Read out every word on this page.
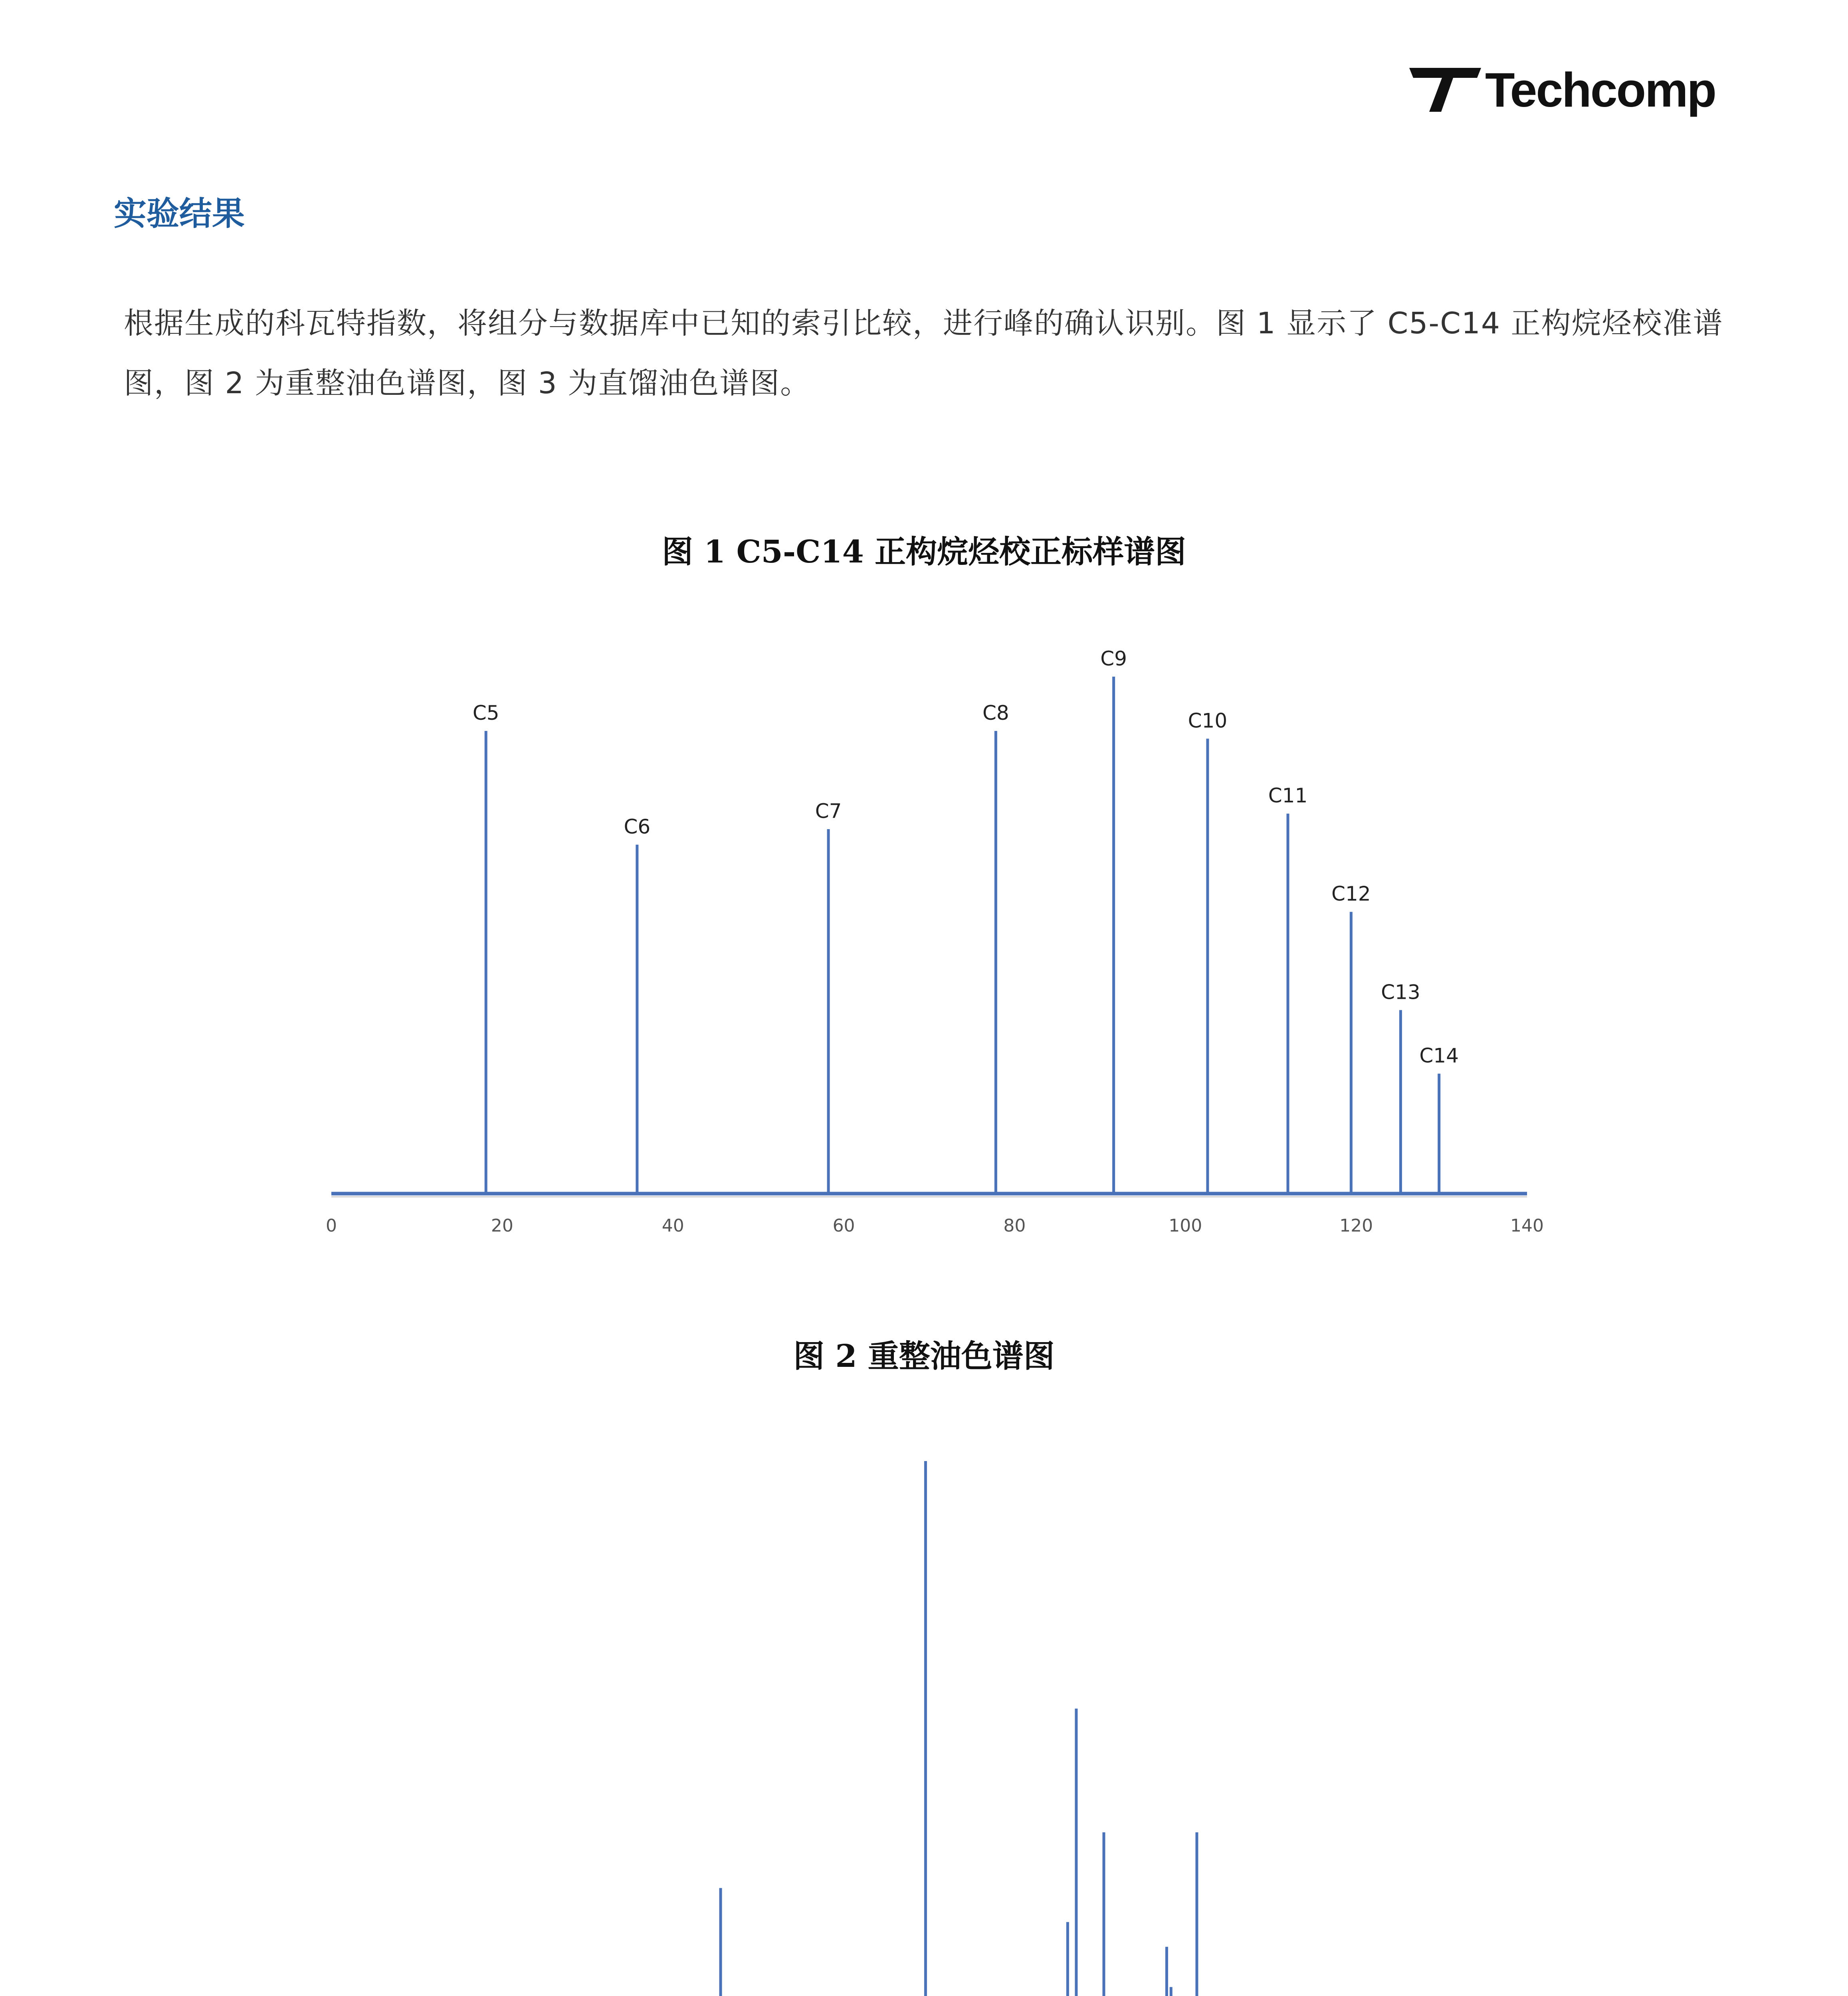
Techcomp
实验结果
根据生成的科瓦特指数，将组分与数据库中已知的索引比较，进行峰的确认识别。图 1 显示了 C5-C14 正构烷烃校准谱图，图 2 为重整油色谱图，图 3 为直馏油色谱图。
图 1 C5-C14 正构烷烃校正标样谱图
0	20	40	60	80	100	120	140
C5
C6
C7
C8
C9
C10
C11
C12
C13
C14
图 2 重整油色谱图
